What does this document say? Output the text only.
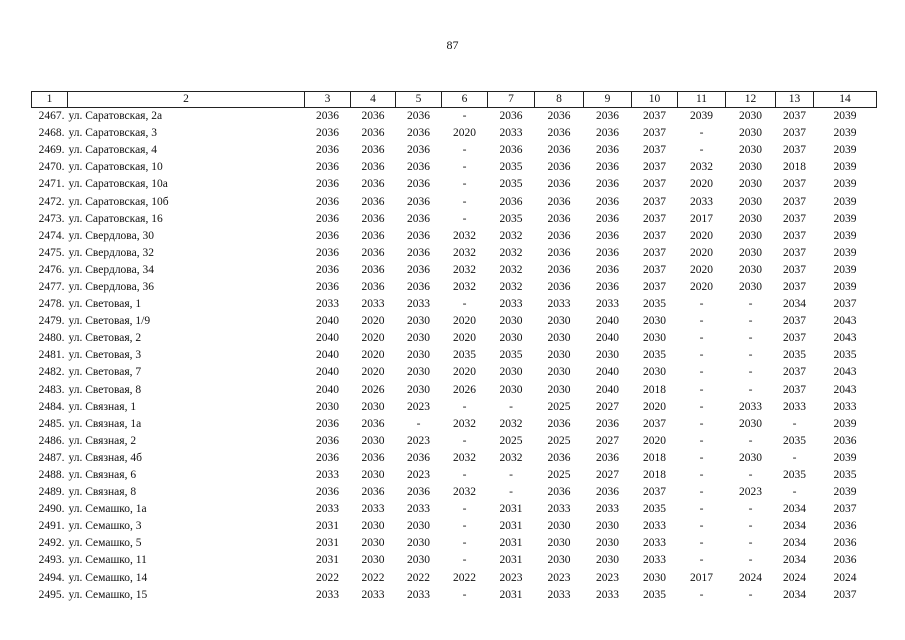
87
1	2	3	4	5	6	7	8	9	10	11	12	13	14
2467.	ул. Саратовская, 2а	2036	2036	2036	-	2036	2036	2036	2037	2039	2030	2037	2039
2468.	ул. Саратовская, 3	2036	2036	2036	2020	2033	2036	2036	2037	-	2030	2037	2039
2469.	ул. Саратовская, 4	2036	2036	2036	-	2036	2036	2036	2037	-	2030	2037	2039
2470.	ул. Саратовская, 10	2036	2036	2036	-	2035	2036	2036	2037	2032	2030	2018	2039
2471.	ул. Саратовская, 10а	2036	2036	2036	-	2035	2036	2036	2037	2020	2030	2037	2039
2472.	ул. Саратовская, 10б	2036	2036	2036	-	2036	2036	2036	2037	2033	2030	2037	2039
2473.	ул. Саратовская, 16	2036	2036	2036	-	2035	2036	2036	2037	2017	2030	2037	2039
2474.	ул. Свердлова, 30	2036	2036	2036	2032	2032	2036	2036	2037	2020	2030	2037	2039
2475.	ул. Свердлова, 32	2036	2036	2036	2032	2032	2036	2036	2037	2020	2030	2037	2039
2476.	ул. Свердлова, 34	2036	2036	2036	2032	2032	2036	2036	2037	2020	2030	2037	2039
2477.	ул. Свердлова, 36	2036	2036	2036	2032	2032	2036	2036	2037	2020	2030	2037	2039
2478.	ул. Световая, 1	2033	2033	2033	-	2033	2033	2033	2035	-	-	2034	2037
2479.	ул. Световая, 1/9	2040	2020	2030	2020	2030	2030	2040	2030	-	-	2037	2043
2480.	ул. Световая, 2	2040	2020	2030	2020	2030	2030	2040	2030	-	-	2037	2043
2481.	ул. Световая, 3	2040	2020	2030	2035	2035	2030	2030	2035	-	-	2035	2035
2482.	ул. Световая, 7	2040	2020	2030	2020	2030	2030	2040	2030	-	-	2037	2043
2483.	ул. Световая, 8	2040	2026	2030	2026	2030	2030	2040	2018	-	-	2037	2043
2484.	ул. Связная, 1	2030	2030	2023	-	-	2025	2027	2020	-	2033	2033	2033
2485.	ул. Связная, 1а	2036	2036	-	2032	2032	2036	2036	2037	-	2030	-	2039
2486.	ул. Связная, 2	2036	2030	2023	-	2025	2025	2027	2020	-	-	2035	2036
2487.	ул. Связная, 4б	2036	2036	2036	2032	2032	2036	2036	2018	-	2030	-	2039
2488.	ул. Связная, 6	2033	2030	2023	-	-	2025	2027	2018	-	-	2035	2035
2489.	ул. Связная, 8	2036	2036	2036	2032	-	2036	2036	2037	-	2023	-	2039
2490.	ул. Семашко, 1а	2033	2033	2033	-	2031	2033	2033	2035	-	-	2034	2037
2491.	ул. Семашко, 3	2031	2030	2030	-	2031	2030	2030	2033	-	-	2034	2036
2492.	ул. Семашко, 5	2031	2030	2030	-	2031	2030	2030	2033	-	-	2034	2036
2493.	ул. Семашко, 11	2031	2030	2030	-	2031	2030	2030	2033	-	-	2034	2036
2494.	ул. Семашко, 14	2022	2022	2022	2022	2023	2023	2023	2030	2017	2024	2024	2024
2495.	ул. Семашко, 15	2033	2033	2033	-	2031	2033	2033	2035	-	-	2034	2037
